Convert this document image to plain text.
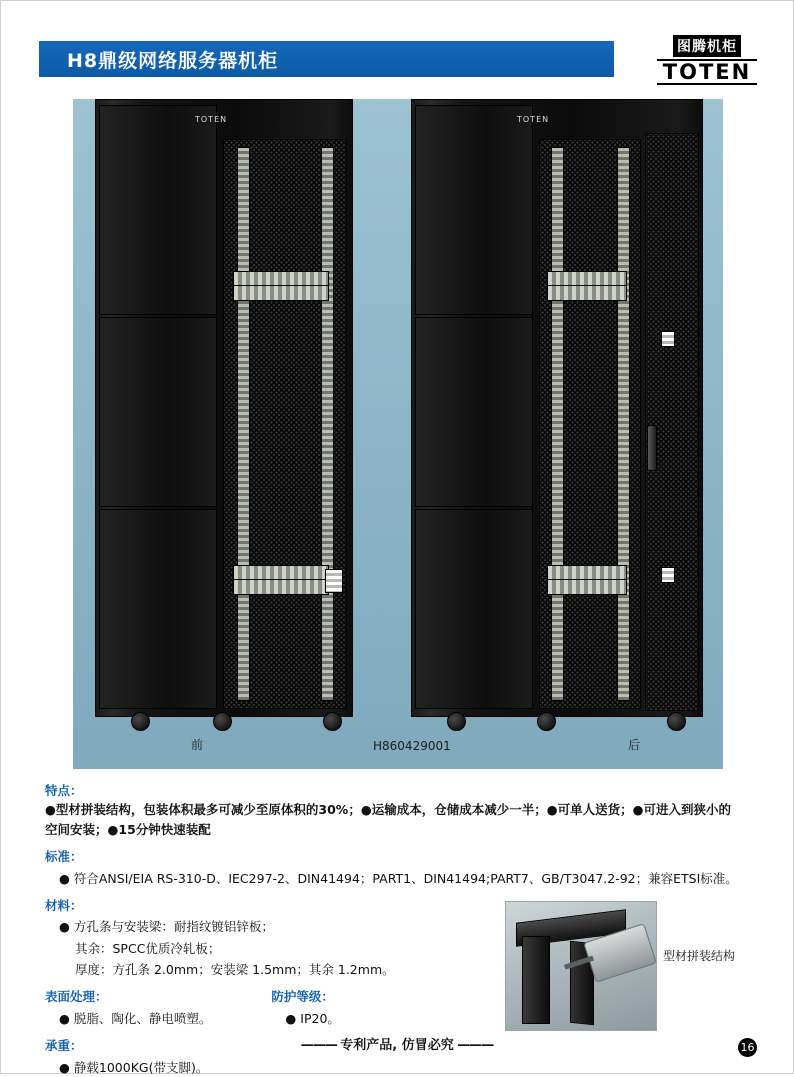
H8鼎级网络服务器机柜
图腾机柜
TOTEN
TOTEN	TOTEN
前	H860429001	后
特点：
●型材拼装结构，包装体积最多可减少至原体积的30%；●运输成本，仓储成本减少一半；●可单人送货；●可进入到狭小的
空间安装；●15分钟快速装配
标准：
● 符合ANSI/EIA RS-310-D、IEC297-2、DIN41494；PART1、DIN41494;PART7、GB/T3047.2-92；兼容ETSI标准。
材料：
● 方孔条与安装梁：耐指纹镀铝锌板；
其余：SPCC优质冷轧板；
厚度：方孔条 2.0mm；安装梁 1.5mm；其余 1.2mm。
表面处理：
● 脱脂、陶化、静电喷塑。
防护等级：
● IP20。
承重：
● 静载1000KG(带支脚)。
型材拼装结构
——— 专利产品, 仿冒必究 ———	16
